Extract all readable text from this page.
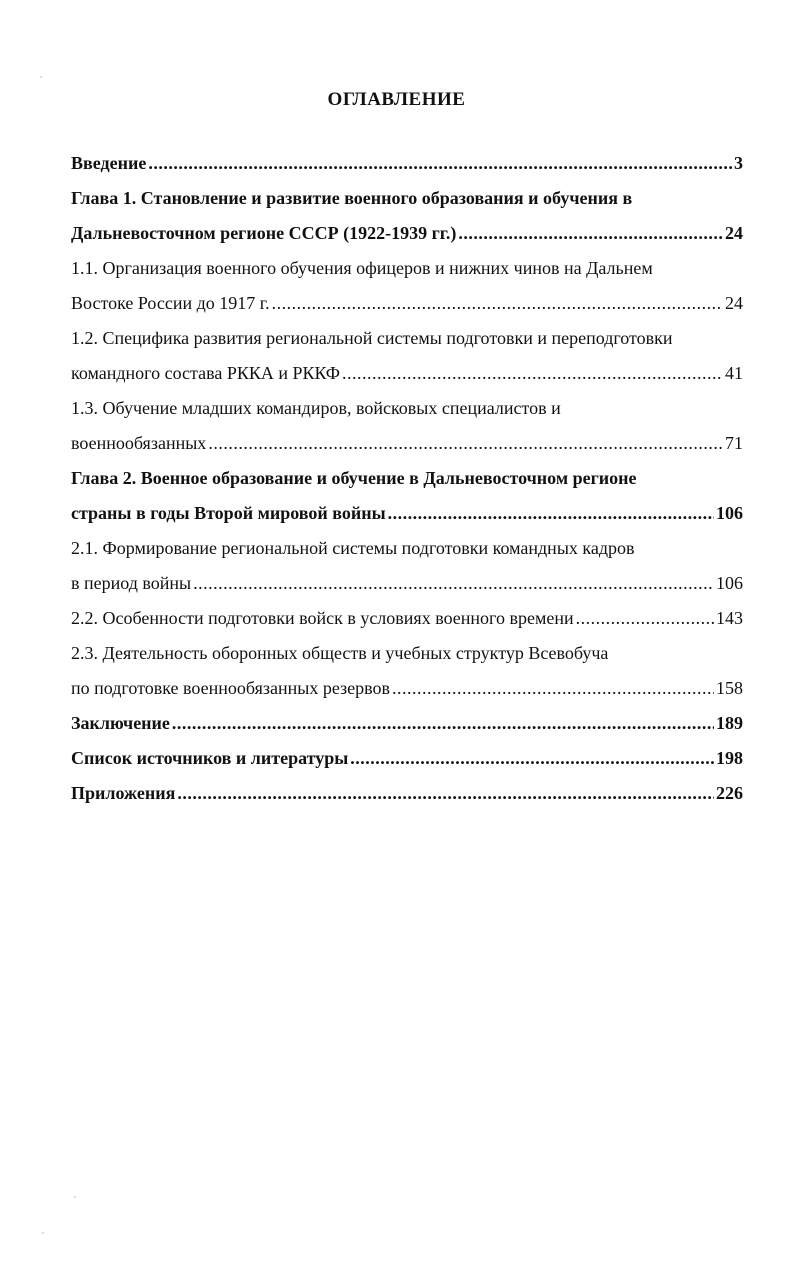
ОГЛАВЛЕНИЕ
Введение .....	3
Глава 1. Становление и развитие военного образования и обучения в
Дальневосточном регионе СССР (1922-1939 гг.) .....	24
1.1. Организация военного обучения офицеров и нижних чинов на Дальнем
Востоке России до 1917 г. .....	24
1.2. Специфика развития региональной системы подготовки и переподготовки
командного состава РККА и РККФ .....	41
1.3. Обучение младших командиров, войсковых специалистов и
военнообязанных .....	71
Глава 2. Военное образование и обучение в Дальневосточном регионе
страны в годы Второй мировой войны .....	106
2.1. Формирование региональной системы подготовки командных кадров
в период войны .....	106
2.2. Особенности подготовки войск в условиях военного времени .....	143
2.3. Деятельность оборонных обществ и учебных структур Всевобуча
по подготовке военнообязанных резервов .....	158
Заключение .....	189
Список источников и литературы .....	198
Приложения .....	226
